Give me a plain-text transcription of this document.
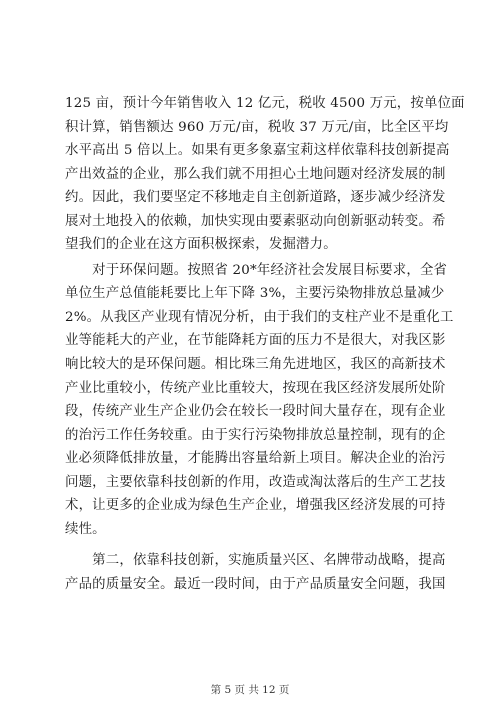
125 亩，预计今年销售收入 12 亿元，税收 4500 万元，按单位面
积计算，销售额达 960 万元/亩，税收 37 万元/亩，比全区平均
水平高出 5 倍以上。如果有更多象嘉宝莉这样依靠科技创新提高
产出效益的企业，那么我们就不用担心土地问题对经济发展的制
约。因此，我们要坚定不移地走自主创新道路，逐步减少经济发
展对土地投入的依赖，加快实现由要素驱动向创新驱动转变。希
望我们的企业在这方面积极探索，发掘潜力。

　　对于环保问题。按照省 20*年经济社会发展目标要求，全省
单位生产总值能耗要比上年下降 3%，主要污染物排放总量减少
2%。从我区产业现有情况分析，由于我们的支柱产业不是重化工
业等能耗大的产业，在节能降耗方面的压力不是很大，对我区影
响比较大的是环保问题。相比珠三角先进地区，我区的高新技术
产业比重较小，传统产业比重较大，按现在我区经济发展所处阶
段，传统产业生产企业仍会在较长一段时间大量存在，现有企业
的治污工作任务较重。由于实行污染物排放总量控制，现有的企
业必须降低排放量，才能腾出容量给新上项目。解决企业的治污
问题，主要依靠科技创新的作用，改造或淘汰落后的生产工艺技
术，让更多的企业成为绿色生产企业，增强我区经济发展的可持
续性。

　　第二，依靠科技创新，实施质量兴区、名牌带动战略，提高
产品的质量安全。最近一段时间，由于产品质量安全问题，我国

第 5 页 共 12 页
